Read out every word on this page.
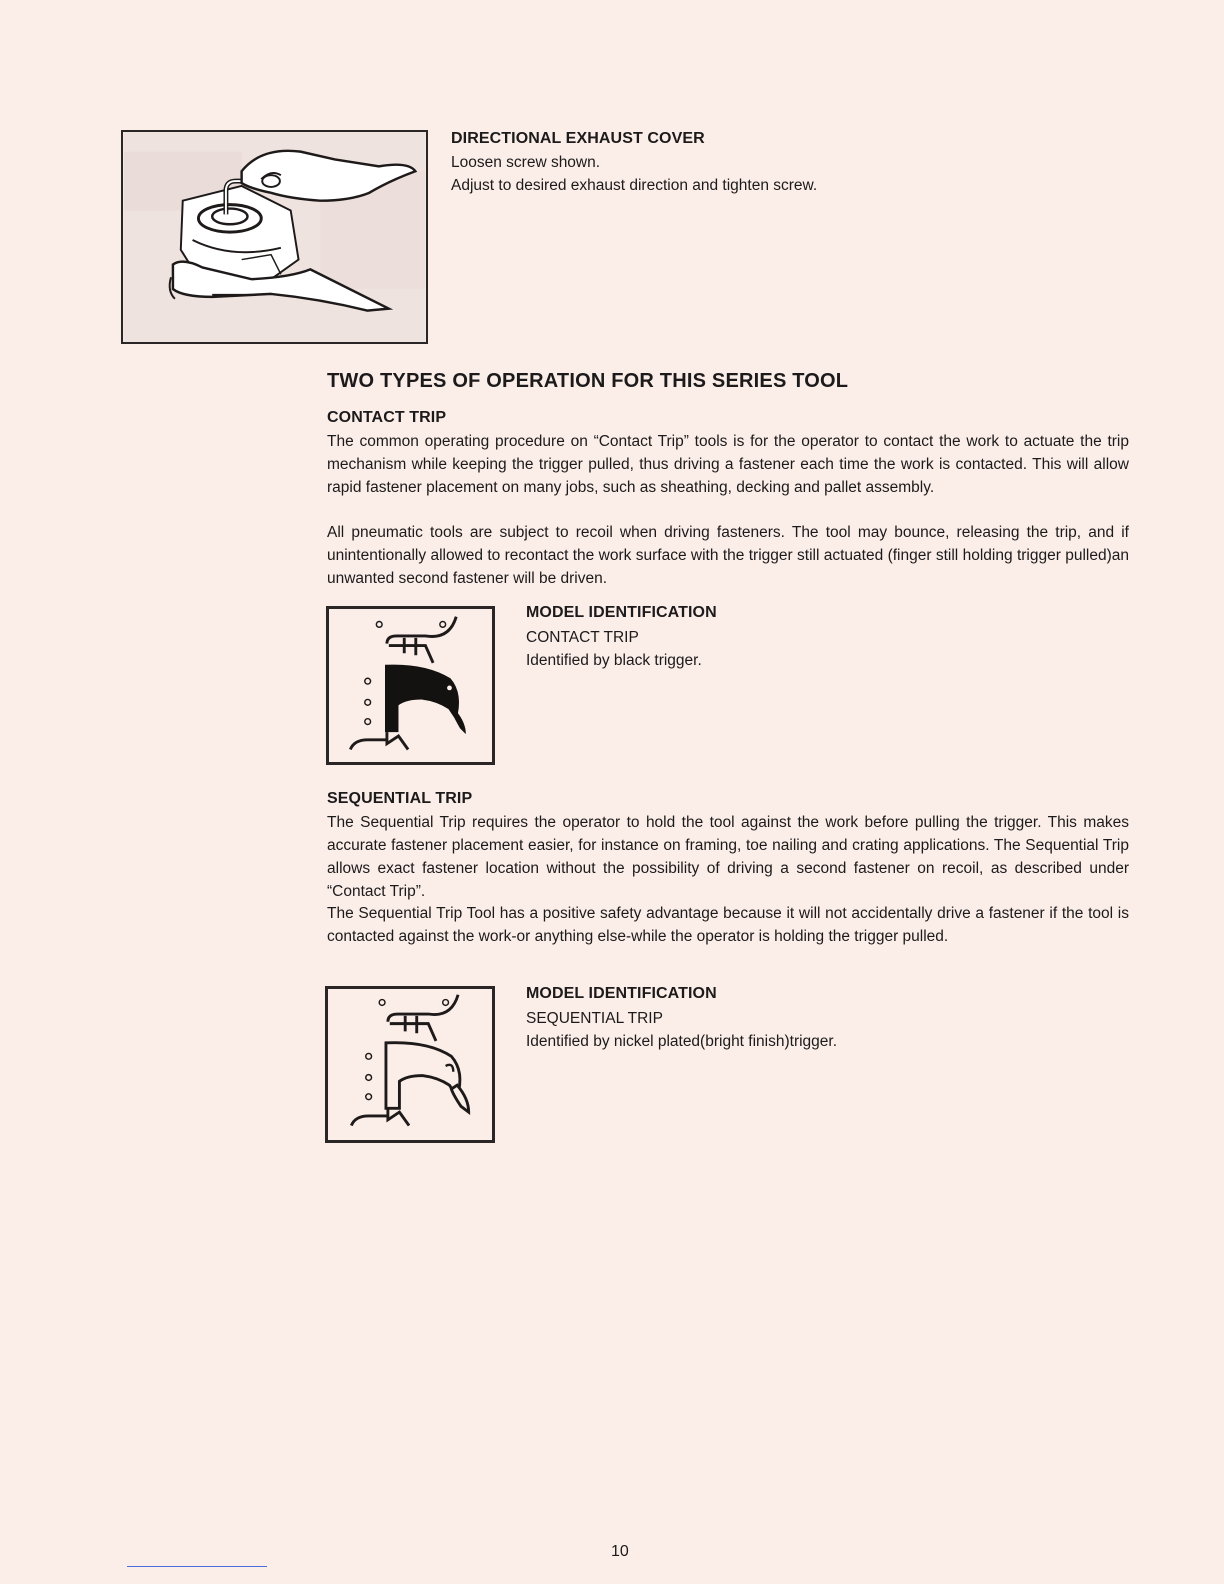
DIRECTIONAL EXHAUST COVER
Loosen screw shown.
Adjust to desired exhaust direction and tighten screw.
TWO TYPES OF OPERATION FOR THIS SERIES TOOL
CONTACT TRIP

The common operating procedure on “Contact Trip” tools is for the operator to contact the work to actuate the trip mechanism while keeping the trigger pulled, thus driving a fastener each time the work is contacted. This will allow rapid fastener placement on many jobs, such as sheathing, decking and pallet assembly.

All pneumatic tools are subject to recoil when driving fasteners. The tool may bounce, releasing the trip, and if unintentionally allowed to recontact the work surface with the trigger still actuated (finger still holding trigger pulled)an unwanted second fastener will be driven.

MODEL IDENTIFICATION
CONTACT TRIP
Identified by black trigger.
SEQUENTIAL TRIP

The Sequential Trip requires the operator to hold the tool against the work before pulling the trigger. This makes accurate fastener placement easier, for instance on framing, toe nailing and crating applications. The Sequential Trip allows exact fastener location without the possibility of driving a second fastener on recoil, as described under “Contact Trip”.

The Sequential Trip Tool has a positive safety advantage because it will not accidentally drive a fastener if the tool is contacted against the work-or anything else-while the operator is holding the trigger pulled.

MODEL IDENTIFICATION
SEQUENTIAL TRIP
Identified by nickel plated(bright finish)trigger.
10
